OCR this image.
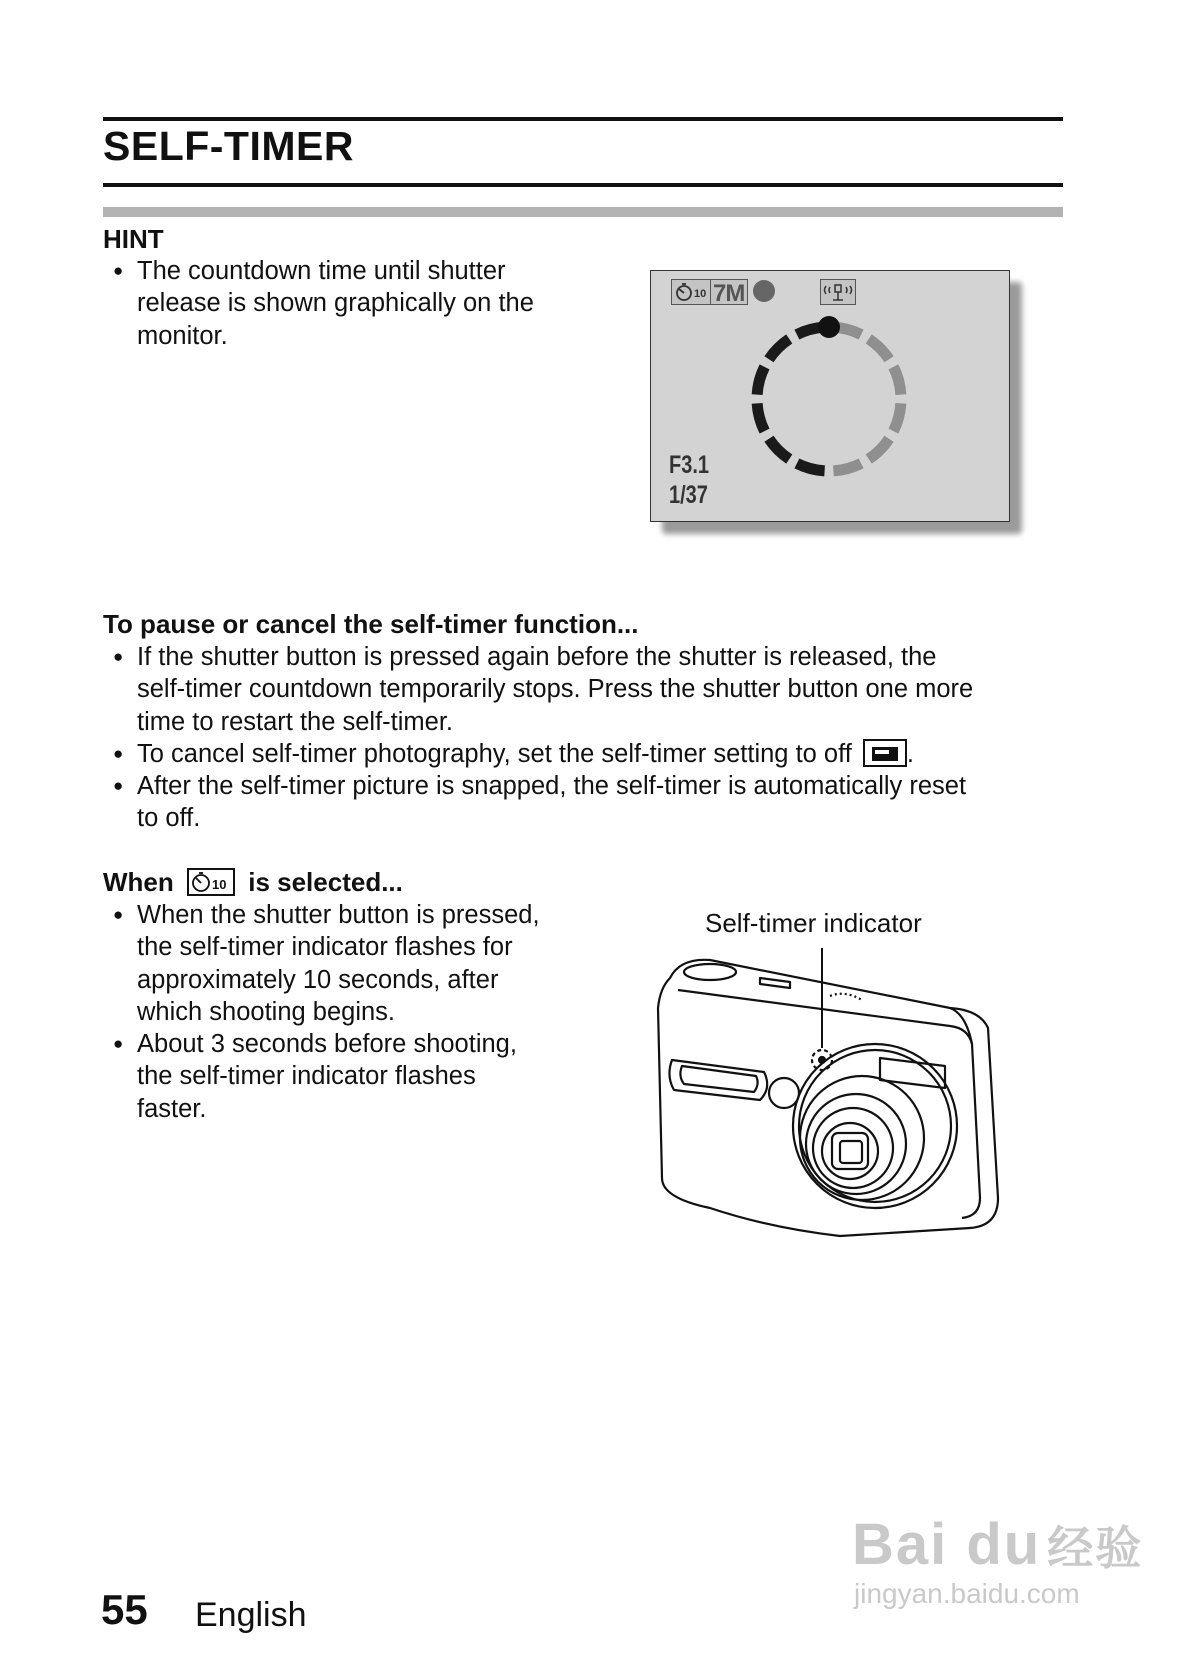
SELF-TIMER
HINT
● The countdown time until shutter
release is shown graphically on the
monitor.
10 7M
F3.1
1/37
To pause or cancel the self-timer function...
● If the shutter button is pressed again before the shutter is released, the
self-timer countdown temporarily stops. Press the shutter button one more
time to restart the self-timer.
● To cancel self-timer photography, set the self-timer setting to off .
● After the self-timer picture is snapped, the self-timer is automatically reset
to off.
When	10 is selected...
● When the shutter button is pressed,
the self-timer indicator flashes for
approximately 10 seconds, after
which shooting begins.
● About 3 seconds before shooting,
the self-timer indicator flashes
faster.
Self-timer indicator
55 English
Bai du 经验
jingyan.baidu.com
